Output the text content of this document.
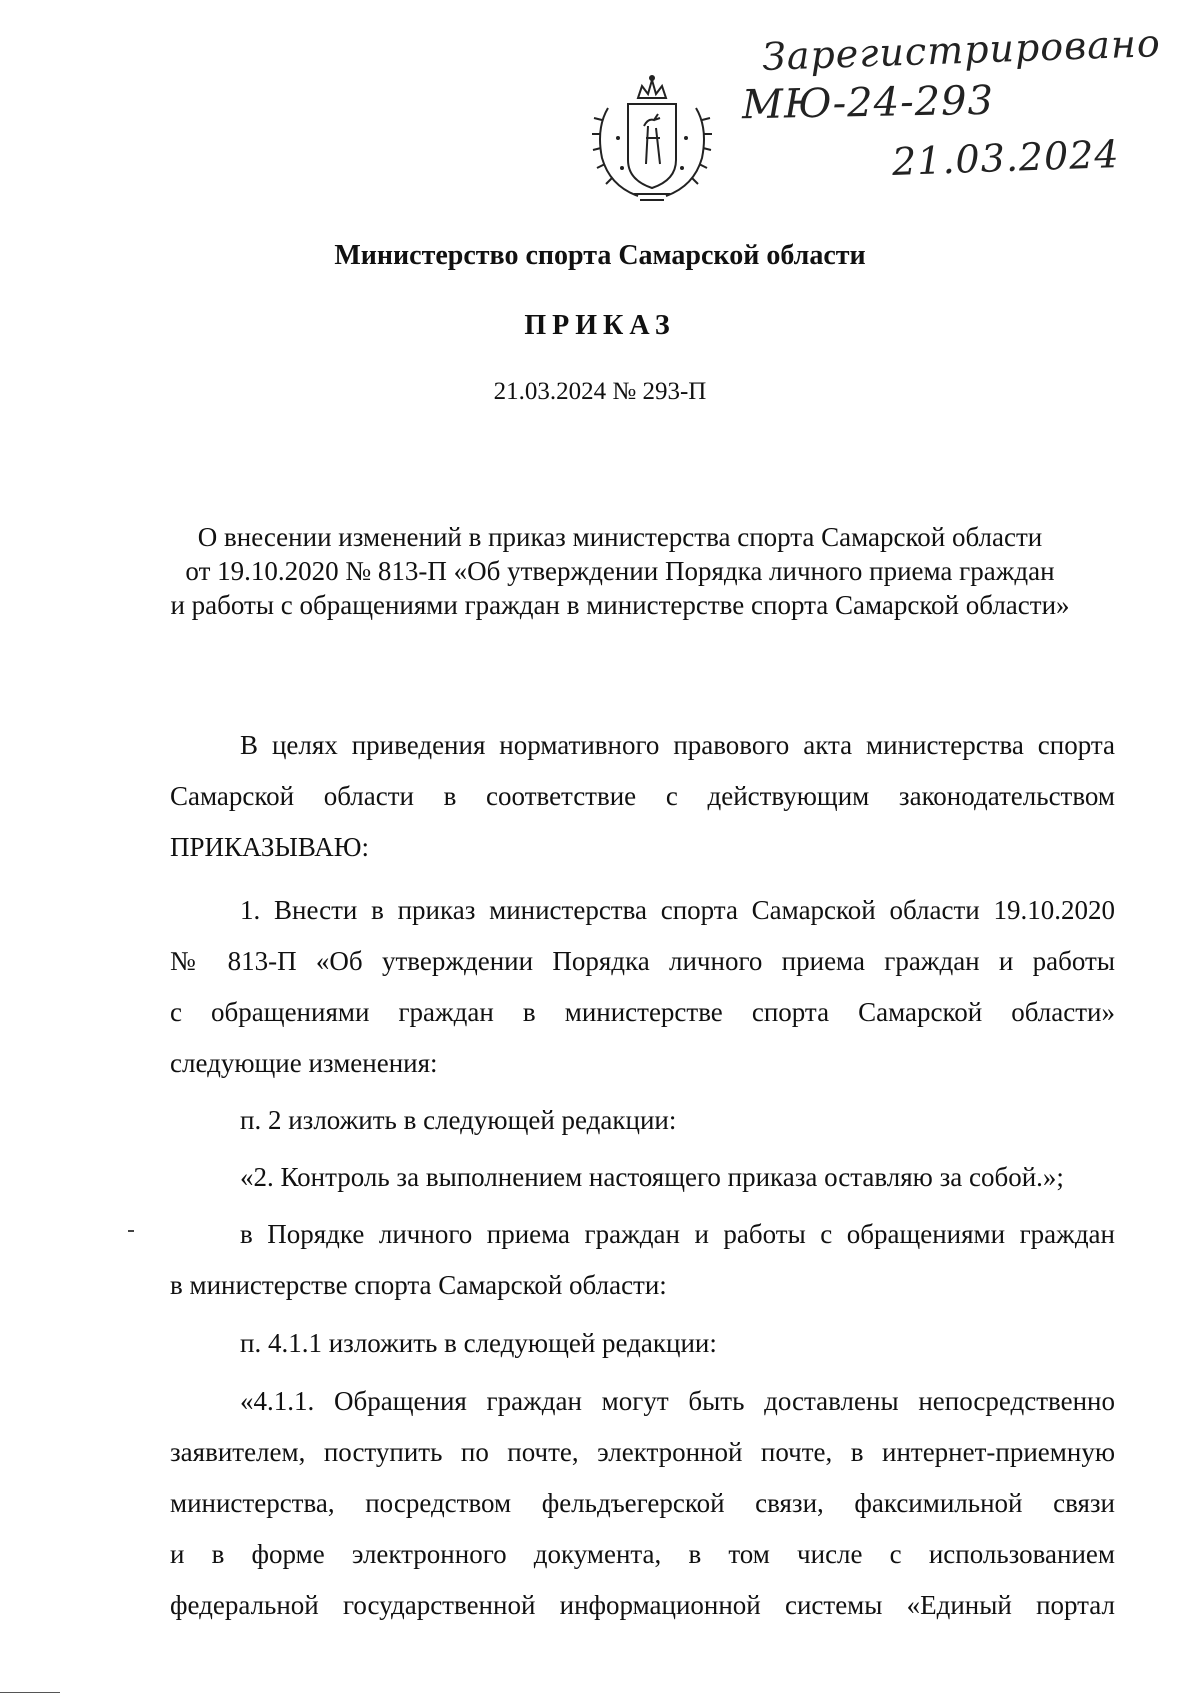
Зарегистрировано
МЮ-24-293
21.03.2024
Министерство спорта Самарской области
ПРИКАЗ
21.03.2024 № 293-П
О внесении изменений в приказ министерства спорта Самарской области
от 19.10.2020 № 813-П «Об утверждении Порядка личного приема граждан
и работы с обращениями граждан в министерстве спорта Самарской области»
В целях приведения нормативного правового акта министерства спорта
Самарской области в соответствие с действующим законодательством
ПРИКАЗЫВАЮ:
1. Внести в приказ министерства спорта Самарской области 19.10.2020
№ 813-П «Об утверждении Порядка личного приема граждан и работы
с обращениями граждан в министерстве спорта Самарской области»
следующие изменения:
п. 2 изложить в следующей редакции:
«2. Контроль за выполнением настоящего приказа оставляю за собой.»;
в Порядке личного приема граждан и работы с обращениями граждан
в министерстве спорта Самарской области:
п. 4.1.1 изложить в следующей редакции:
«4.1.1. Обращения граждан могут быть доставлены непосредственно
заявителем, поступить по почте, электронной почте, в интернет-приемную
министерства, посредством фельдъегерской связи, факсимильной связи
и в форме электронного документа, в том числе с использованием
федеральной государственной информационной системы «Единый портал
